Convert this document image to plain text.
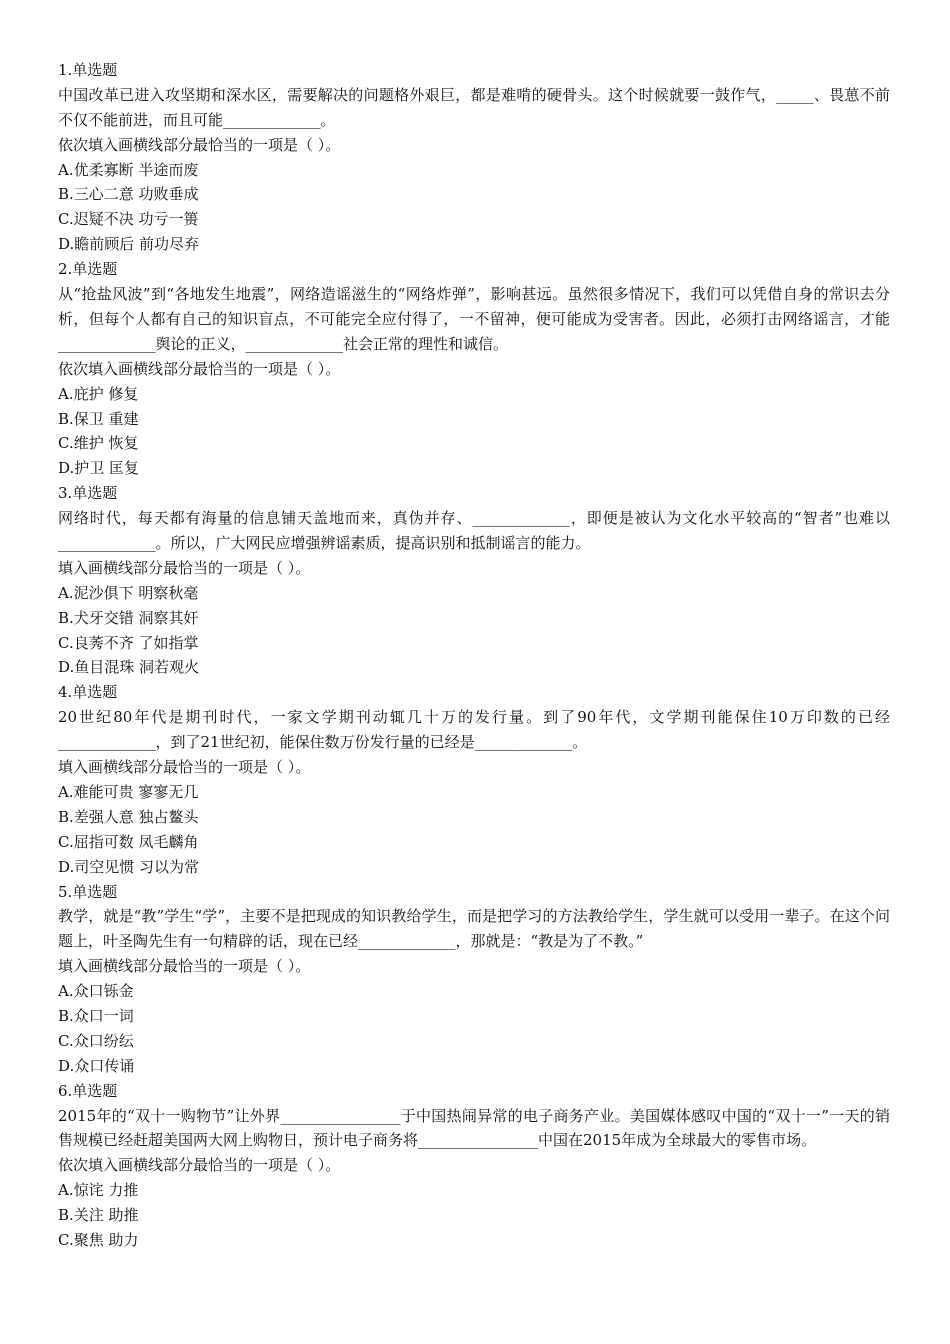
1.单选题
中国改革已进入攻坚期和深水区，需要解决的问题格外艰巨，都是难啃的硬骨头。这个时候就要一鼓作气，_____、畏葸不前不仅不能前进，而且可能_____________。
依次填入画横线部分最恰当的一项是（ ）。
A.优柔寡断 半途而废
B.三心二意 功败垂成
C.迟疑不决 功亏一篑
D.瞻前顾后 前功尽弃
2.单选题
从“抢盐风波”到“各地发生地震”，网络造谣滋生的“网络炸弹”，影响甚远。虽然很多情况下，我们可以凭借自身的常识去分析，但每个人都有自己的知识盲点，不可能完全应付得了，一不留神，便可能成为受害者。因此，必须打击网络谣言，才能_____________舆论的正义，_____________社会正常的理性和诚信。
依次填入画横线部分最恰当的一项是（ ）。
A.庇护 修复
B.保卫 重建
C.维护 恢复
D.护卫 匡复
3.单选题
网络时代，每天都有海量的信息铺天盖地而来，真伪并存、_____________，即便是被认为文化水平较高的“智者”也难以_____________。所以，广大网民应增强辨谣素质，提高识别和抵制谣言的能力。
填入画横线部分最恰当的一项是（ ）。
A.泥沙俱下 明察秋毫
B.犬牙交错 洞察其奸
C.良莠不齐 了如指掌
D.鱼目混珠 洞若观火
4.单选题
20世纪80年代是期刊时代，一家文学期刊动辄几十万的发行量。到了90年代，文学期刊能保住10万印数的已经_____________，到了21世纪初，能保住数万份发行量的已经是_____________。
填入画横线部分最恰当的一项是（ ）。
A.难能可贵 寥寥无几
B.差强人意 独占鳌头
C.屈指可数 凤毛麟角
D.司空见惯 习以为常
5.单选题
教学，就是“教”学生“学”，主要不是把现成的知识教给学生，而是把学习的方法教给学生，学生就可以受用一辈子。在这个问题上，叶圣陶先生有一句精辟的话，现在已经_____________，那就是：“教是为了不教。”
填入画横线部分最恰当的一项是（ ）。
A.众口铄金
B.众口一词
C.众口纷纭
D.众口传诵
6.单选题
2015年的“双十一购物节”让外界________________于中国热闹异常的电子商务产业。美国媒体感叹中国的“双十一”一天的销售规模已经赶超美国两大网上购物日，预计电子商务将________________中国在2015年成为全球最大的零售市场。
依次填入画横线部分最恰当的一项是（ ）。
A.惊诧 力推
B.关注 助推
C.聚焦 助力
